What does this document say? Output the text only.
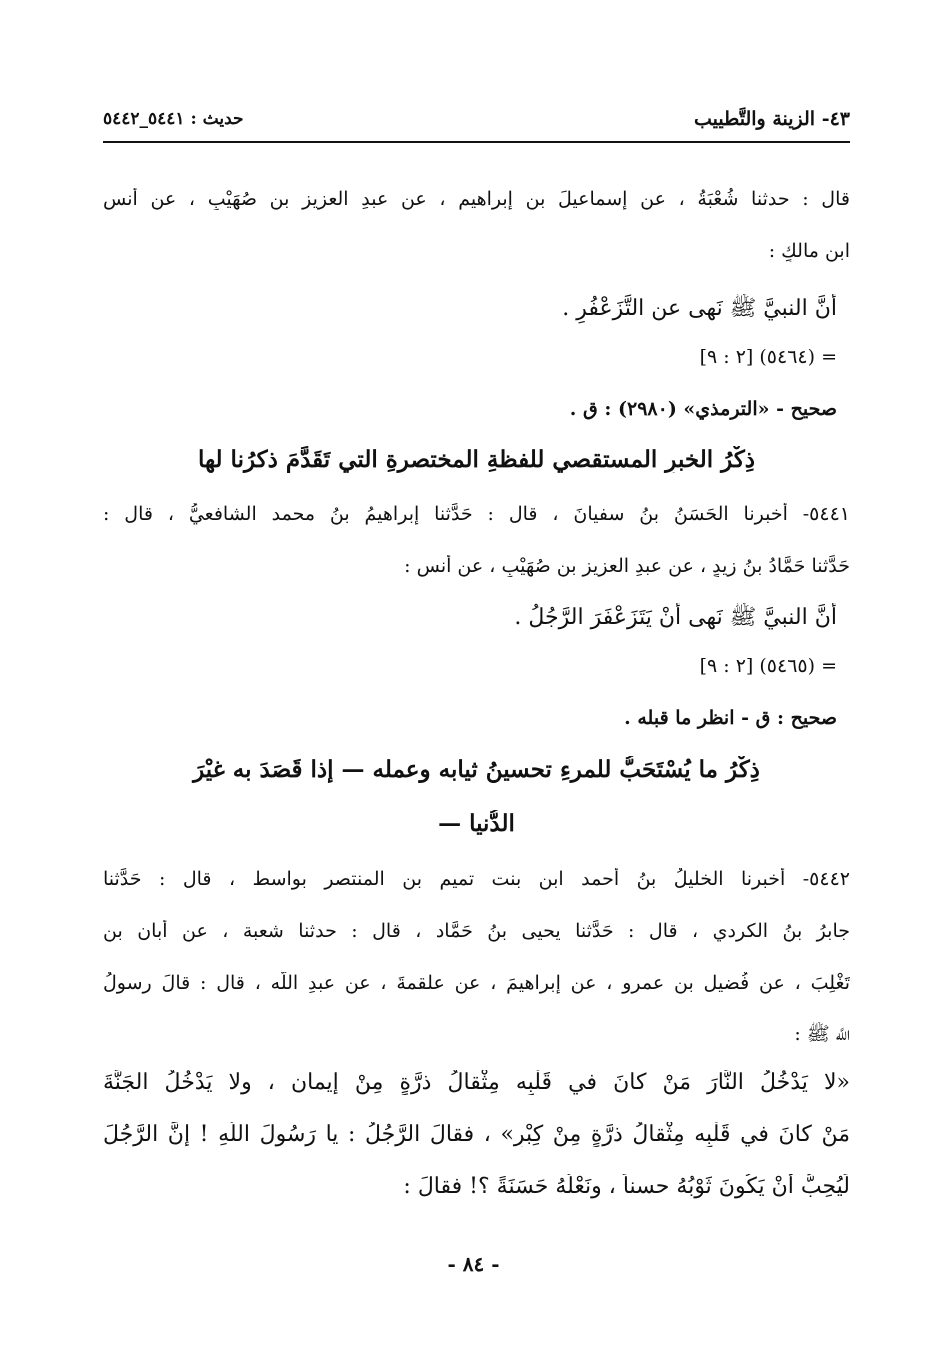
٤٣- الزينة والتَّطييب
حديث : ٥٤٤١_٥٤٤٢
قال : حدثنا شُعْبَةُ ، عن إسماعيلَ بنِ إبراهيم ، عن عبدِ العزيز بنِ صُهَيْبٍ ، عن أنس
ابنِ مالكٍ :
أنَّ النبيَّ ﷺ نَهى عن التَّزَعْفُرِ .
= (٥٤٦٤) [٢ : ٩]
صحيح - «الترمذي» (٢٩٨٠) : ق .
ذِكْرُ الخبرِ المستقصي للفظةِ المختصرةِ التي تَقَدَّمَ ذكرُنا لها
٥٤٤١- أخبرنا الحَسَنُ بنُ سفيانَ ، قال : حَدَّثنا إبراهيمُ بنُ محمد الشافعيُّ ، قال :
حَدَّثنا حَمَّادُ بنُ زيدٍ ، عن عبدِ العزيز بن صُهَيْبٍ ، عن أنسٍ :
أنَّ النبيَّ ﷺ نَهى أنْ يَتَزَعْفَرَ الرَّجُلُ .
= (٥٤٦٥) [٢ : ٩]
صحيح : ق - انظر ما قبله .
ذِكْرُ ما يُسْتَحَبُّ للمرءِ تحسينُ ثيابه وعمله — إذا قَصَدَ به غيْرَ
الدُّنيا —
٥٤٤٢- أخبرنا الخليلُ بنُ أحمد ابن بنت تميم بنِ المنتصر بواسط ، قال : حَدَّثنا
جابرُ بنُ الكردي ، قال : حَدَّثنا يحيى بنُ حَمَّاد ، قال : حدثنا شعبة ، عن أبان بن
تَغْلِبَ ، عن فُضيل بنِ عمرو ، عن إبراهيمَ ، عن علقمةَ ، عن عبدِ اللَّه ، قال : قالَ رسولُ
اللَّه ﷺ :
«لا يَدْخُلُ النَّارَ مَنْ كانَ في قَلْبِه مِثْقالُ ذرَّةٍ مِنْ إيمان ، ولا يَدْخُلُ الجَنَّةَ
مَنْ كانَ في قَلْبِه مِثْقالُ ذرَّةٍ مِنْ كِبْرٍ» ، فقالَ الرَّجُلُ : يا رَسُولَ اللَّهِ ! إنَّ الرَّجُلَ
لَيُحِبُّ أنْ يَكُونَ ثَوْبُهُ حسناً ، ونَعْلُهُ حَسَنَةً ؟! فقالَ :
- ٨٤ -
